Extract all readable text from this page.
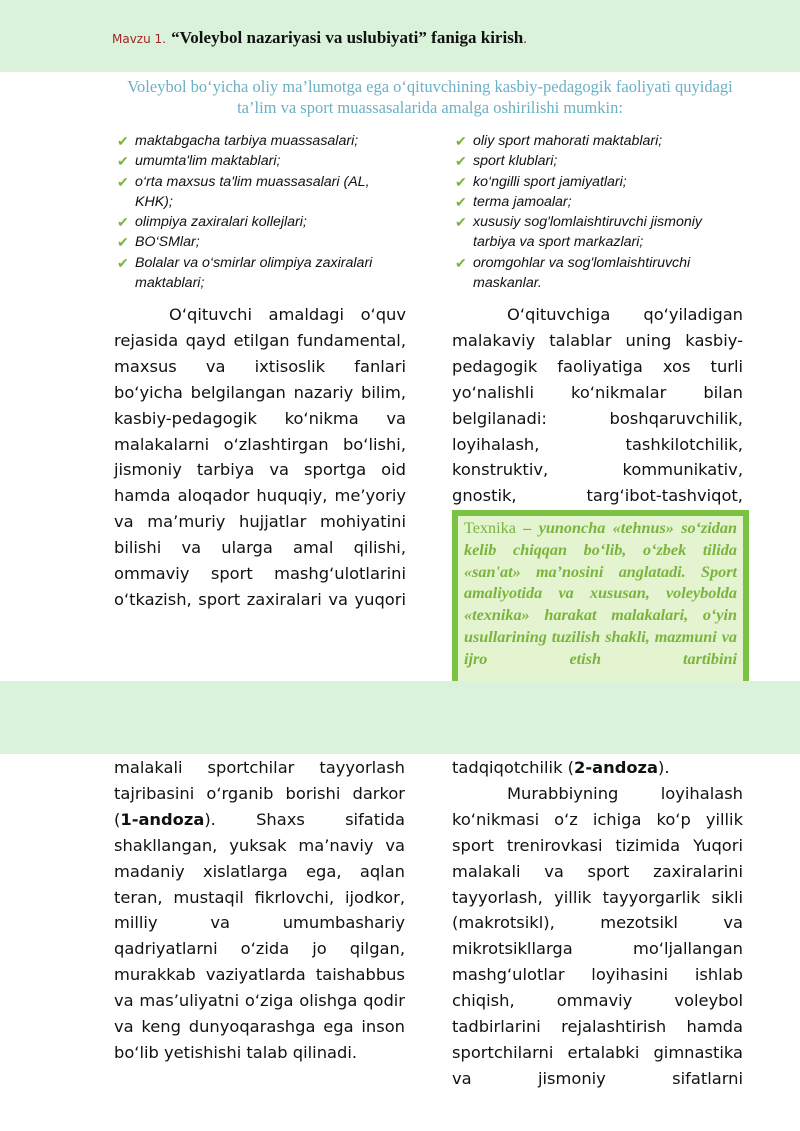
Mavzu 1. “Voleybol nazariyasi va uslubiyati” faniga kirish.
Voleybol bo‘yicha oliy ma’lumotga ega o‘qituvchining kasbiy-pedagogik faoliyati quyidagi ta’lim va sport muassasalarida amalga oshirilishi mumkin:
✔ maktabgacha tarbiya muassasalari;
✔ umumta'lim maktablari;
✔ o‘rta maxsus ta'lim muassasalari (AL, KHK);
✔ olimpiya zaxiralari kollejlari;
✔ BO‘SMlar;
✔ Bolalar va o‘smirlar olimpiya zaxiralari maktablari;
✔ oliy sport mahorati maktablari;
✔ sport klublari;
✔ ko‘ngilli sport jamiyatlari;
✔ terma jamoalar;
✔ xususiy sog'lomlaishtiruvchi jismoniy tarbiya va sport markazlari;
✔ oromgohlar va sog'lomlaishtiruvchi maskanlar.

O‘qituvchi amaldagi o‘quv rejasida qayd etilgan fundamental, maxsus va ixtisoslik fanlari bo‘yicha belgilangan nazariy bilim, kasbiy-pedagogik ko‘nikma va malakalarni o‘zlashtirgan bo‘lishi, jismoniy tarbiya va sportga oid hamda aloqador huquqiy, me’yoriy va ma’muriy hujjatlar mohiyatini bilishi va ularga amal qilishi, ommaviy sport mashg‘ulotlarini o‘tkazish, sport zaxiralari va yuqori

O‘qituvchiga qo‘yiladigan malakaviy talablar uning kasbiy-pedagogik faoliyatiga xos turli yo‘nalishli ko‘nikmalar bilan belgilanadi: boshqaruvchilik, loyihalash, tashkilotchilik, konstruktiv, kommunikativ, gnostik, targ‘ibot-tashviqot,

Texnika – yunoncha «tehnus» so‘zidan kelib chiqqan bo‘lib, o‘zbek tilida «san'at» ma’nosini anglatadi. Sport amaliyotida va xususan, voleybolda «texnika» harakat malakalari, o‘yin usullarining tuzilish shakli, mazmuni va ijro etish tartibini

malakali sportchilar tayyorlash tajribasini o‘rganib borishi darkor (1-andoza). Shaxs sifatida shakllangan, yuksak ma’naviy va madaniy xislatlarga ega, aqlan teran, mustaqil fikrlovchi, ijodkor, milliy va umumbashariy qadriyatlarni o‘zida jo qilgan, murakkab vaziyatlarda taishabbus va mas’uliyatni o‘ziga olishga qodir va keng dunyoqarashga ega inson bo‘lib yetishishi talab qilinadi.

tadqiqotchilik (2-andoza).

Murabbiyning loyihalash ko‘nikmasi o‘z ichiga ko‘p yillik sport trenirovkasi tizimida Yuqori malakali va sport zaxiralarini tayyorlash, yillik tayyorgarlik sikli (makrotsikl), mezotsikl va mikrotsikllarga mo‘ljallangan mashg‘ulotlar loyihasini ishlab chiqish, ommaviy voleybol tadbirlarini rejalashtirish hamda sportchilarni ertalabki gimnastika va jismoniy sifatlarni
